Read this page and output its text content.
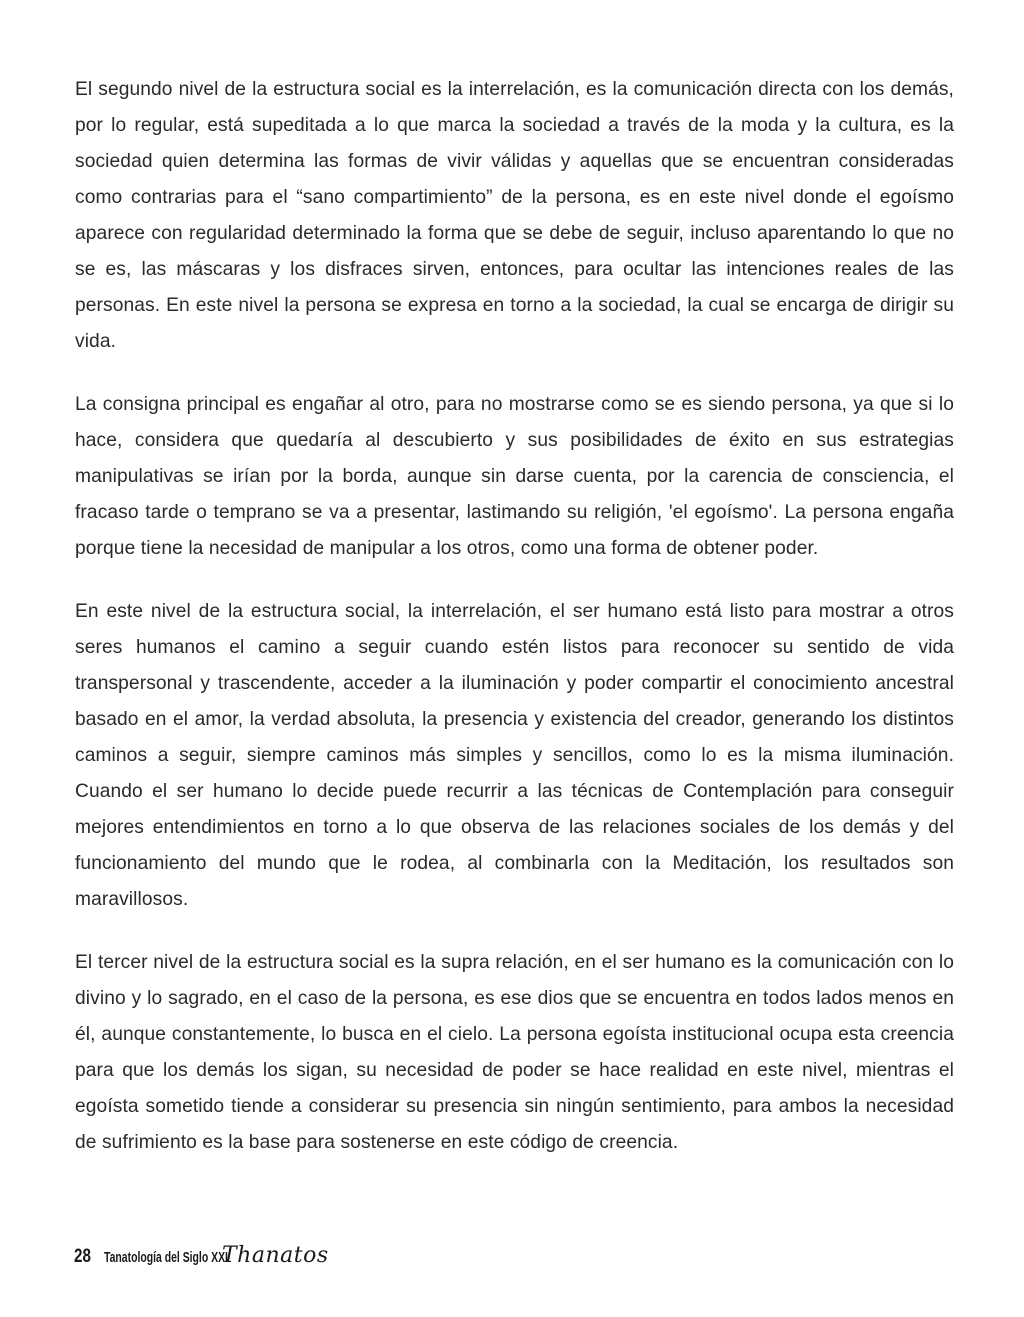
El segundo nivel de la estructura social es la interrelación, es la comunicación directa con los demás, por lo regular, está supeditada a lo que marca la sociedad a través de la moda y la cultura, es la sociedad quien determina las formas de vivir válidas y aquellas que se encuentran consideradas como contrarias para el “sano compartimiento” de la persona, es en este nivel donde el egoísmo aparece con regularidad determinado la forma que se debe de seguir, incluso aparentando lo que no se es, las máscaras y los disfraces sirven, entonces, para ocultar las intenciones reales de las personas. En este nivel la persona se expresa en torno a la sociedad, la cual se encarga de dirigir su vida.

La consigna principal es engañar al otro, para no mostrarse como se es siendo persona, ya que si lo hace, considera que quedaría al descubierto y sus posibilidades de éxito en sus estrategias manipulativas se irían por la borda, aunque sin darse cuenta, por la carencia de consciencia, el fracaso tarde o temprano se va a presentar, lastimando su religión, 'el egoísmo'. La persona engaña porque tiene la necesidad de manipular a los otros, como una forma de obtener poder.

En este nivel de la estructura social, la interrelación, el ser humano está listo para mostrar a otros seres humanos el camino a seguir cuando estén listos para reconocer su sentido de vida transpersonal y trascendente, acceder a la iluminación y poder compartir el conocimiento ancestral basado en el amor, la verdad absoluta, la presencia y existencia del creador, generando los distintos caminos a seguir, siempre caminos más simples y sencillos, como lo es la misma iluminación. Cuando el ser humano lo decide puede recurrir a las técnicas de Contemplación para conseguir mejores entendimientos en torno a lo que observa de las relaciones sociales de los demás y del funcionamiento del mundo que le rodea, al combinarla con la Meditación, los resultados son maravillosos.

El tercer nivel de la estructura social es la supra relación, en el ser humano es la comunicación con lo divino y lo sagrado, en el caso de la persona, es ese dios que se encuentra en todos lados menos en él, aunque constantemente, lo busca en el cielo. La persona egoísta institucional ocupa esta creencia para que los demás los sigan, su necesidad de poder se hace realidad en este nivel, mientras el egoísta sometido tiende a considerar su presencia sin ningún sentimiento, para ambos la necesidad de sufrimiento es la base para sostenerse en este código de creencia.

28 Tanatología del Siglo XXI
Thanatos
